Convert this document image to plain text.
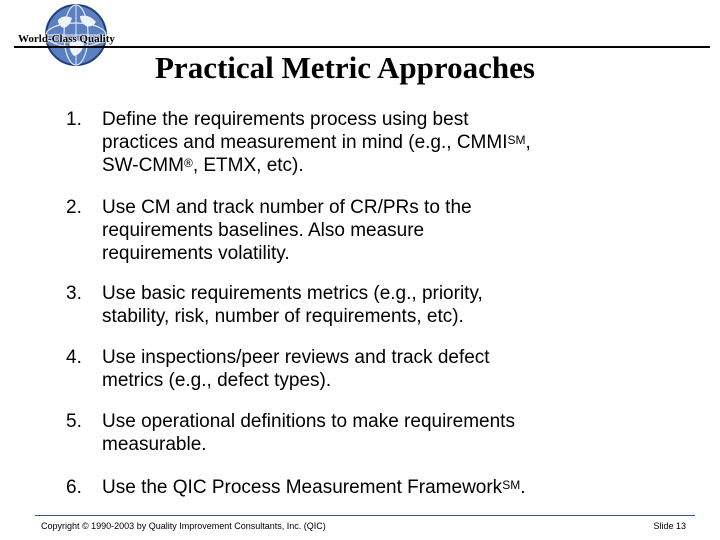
World-Class Quality
Practical Metric Approaches
1. Define the requirements process using best
practices and measurement in mind (e.g., CMMI℠,
SW-CMM®, ETMX, etc).
2. Use CM and track number of CR/PRs to the
requirements baselines. Also measure
requirements volatility.
3. Use basic requirements metrics (e.g., priority,
stability, risk, number of requirements, etc).
4. Use inspections/peer reviews and track defect
metrics (e.g., defect types).
5. Use operational definitions to make requirements
measurable.
6. Use the QIC Process Measurement Framework℠.
Copyright © 1990-2003 by Quality Improvement Consultants, Inc. (QIC)	Slide 13
